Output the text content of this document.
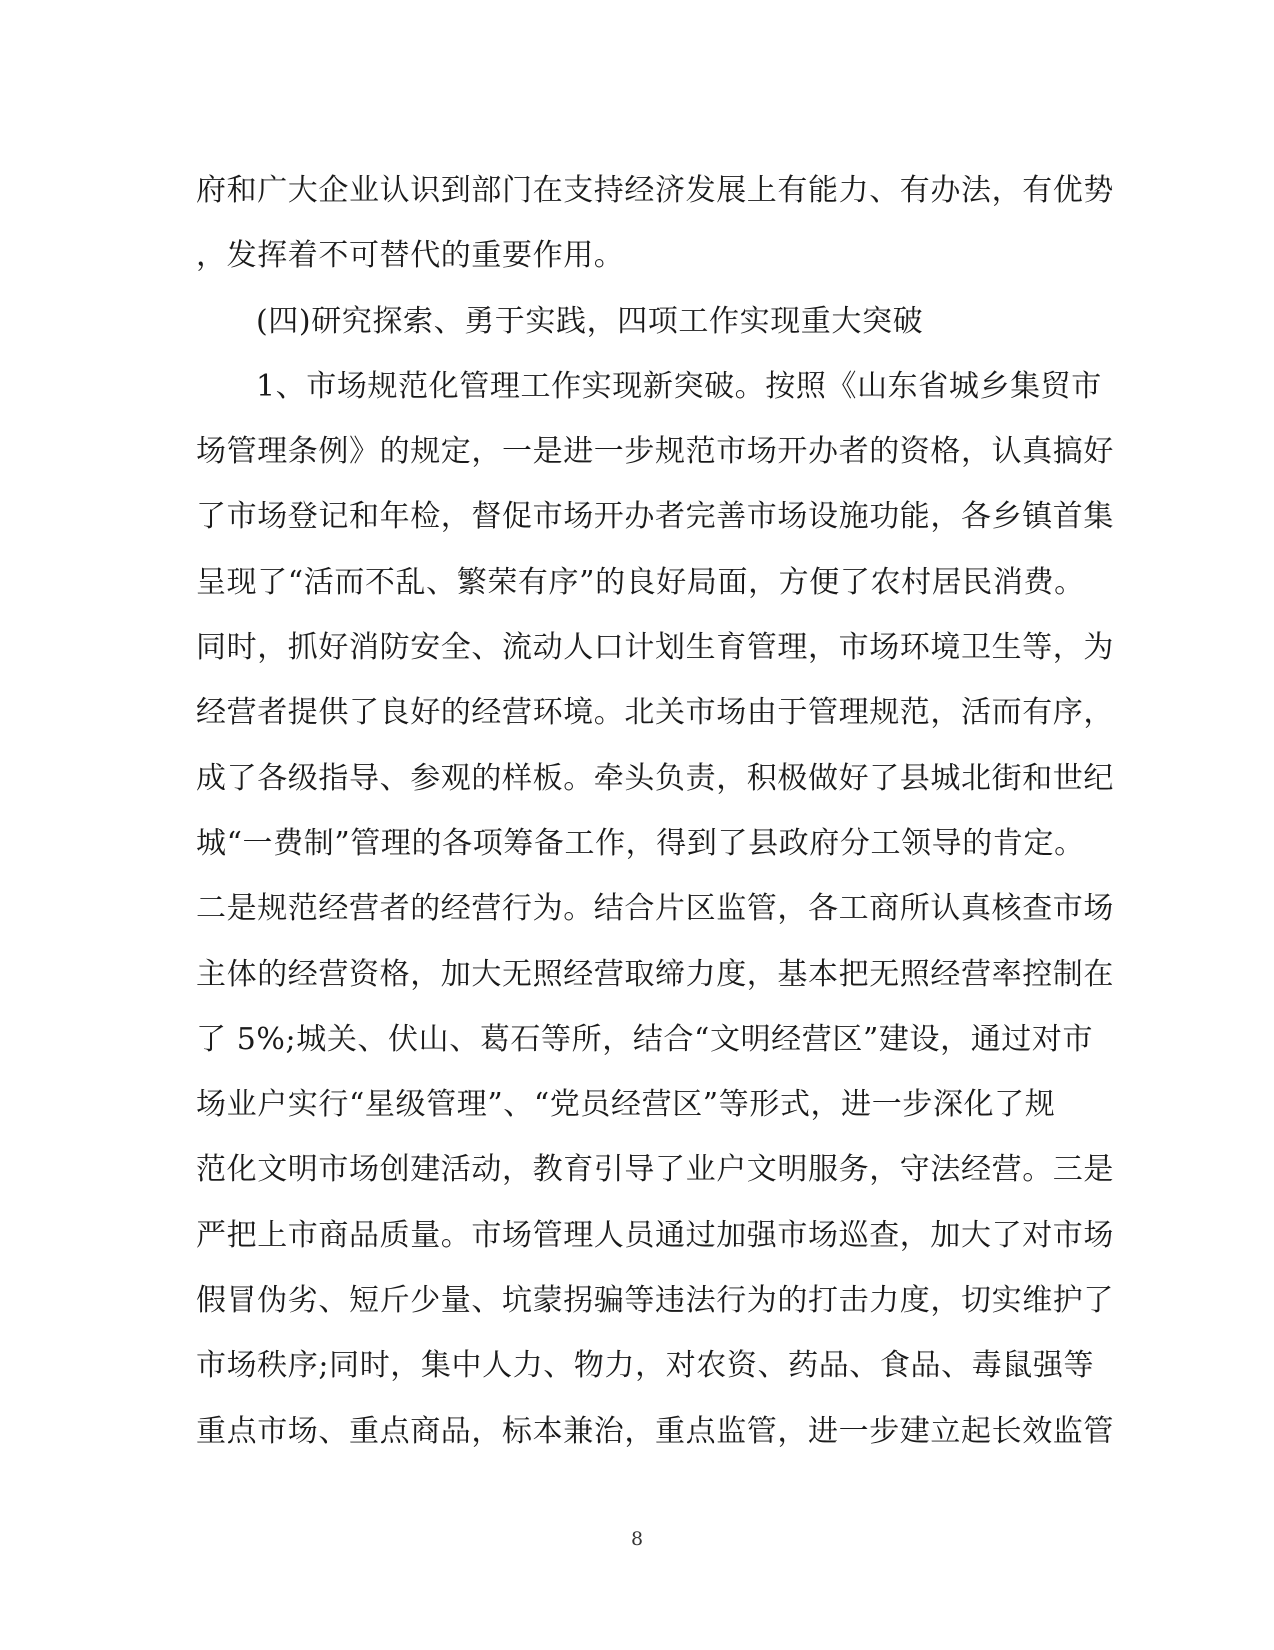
府和广大企业认识到部门在支持经济发展上有能力、有办法，有优势
，发挥着不可替代的重要作用。
(四)研究探索、勇于实践，四项工作实现重大突破
1、市场规范化管理工作实现新突破。按照《山东省城乡集贸市
场管理条例》的规定，一是进一步规范市场开办者的资格，认真搞好
了市场登记和年检，督促市场开办者完善市场设施功能，各乡镇首集
呈现了“活而不乱、繁荣有序”的良好局面，方便了农村居民消费。
同时，抓好消防安全、流动人口计划生育管理，市场环境卫生等，为
经营者提供了良好的经营环境。北关市场由于管理规范，活而有序，
成了各级指导、参观的样板。牵头负责，积极做好了县城北街和世纪
城“一费制”管理的各项筹备工作，得到了县政府分工领导的肯定。
二是规范经营者的经营行为。结合片区监管，各工商所认真核查市场
主体的经营资格，加大无照经营取缔力度，基本把无照经营率控制在
了 5%;城关、伏山、葛石等所，结合“文明经营区”建设，通过对市
场业户实行“星级管理”、“党员经营区”等形式，进一步深化了规
范化文明市场创建活动，教育引导了业户文明服务，守法经营。三是
严把上市商品质量。市场管理人员通过加强市场巡查，加大了对市场
假冒伪劣、短斤少量、坑蒙拐骗等违法行为的打击力度，切实维护了
市场秩序;同时，集中人力、物力，对农资、药品、食品、毒鼠强等
重点市场、重点商品，标本兼治，重点监管，进一步建立起长效监管
8
